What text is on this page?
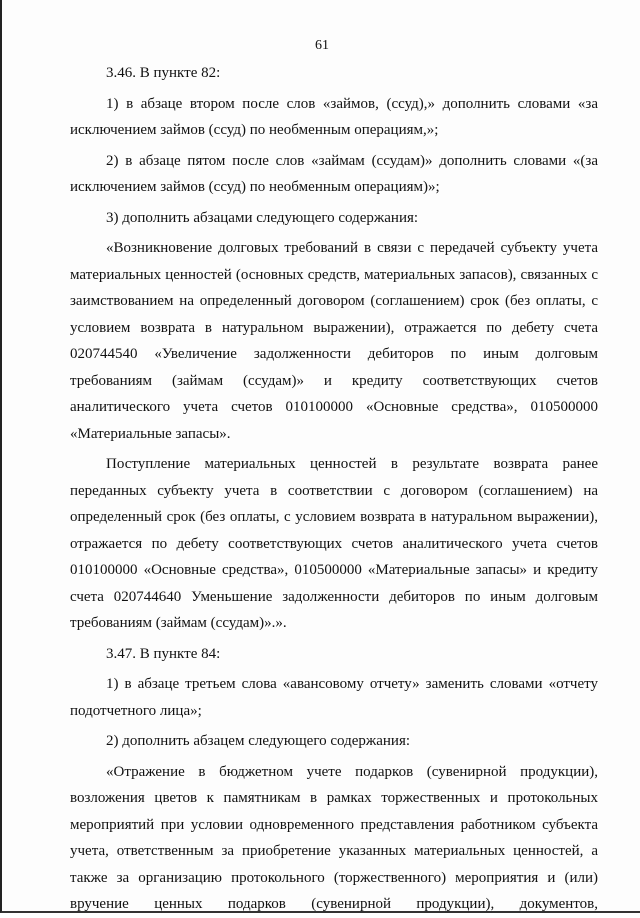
61

3.46. В пункте 82:

1) в абзаце втором после слов «займов, (ссуд),» дополнить словами «за исключением займов (ссуд) по необменным операциям,»;

2) в абзаце пятом после слов «займам (ссудам)» дополнить словами «(за исключением займов (ссуд) по необменным операциям)»;

3) дополнить абзацами следующего содержания:

«Возникновение долговых требований в связи с передачей субъекту учета материальных ценностей (основных средств, материальных запасов), связанных с заимствованием на определенный договором (соглашением) срок (без оплаты, с условием возврата в натуральном выражении), отражается по дебету счета 020744540 «Увеличение задолженности дебиторов по иным долговым требованиям (займам (ссудам)» и кредиту соответствующих счетов аналитического учета счетов 010100000 «Основные средства», 010500000 «Материальные запасы».

Поступление материальных ценностей в результате возврата ранее переданных субъекту учета в соответствии с договором (соглашением) на определенный срок (без оплаты, с условием возврата в натуральном выражении), отражается по дебету соответствующих счетов аналитического учета счетов 010100000 «Основные средства», 010500000 «Материальные запасы» и кредиту счета 020744640 Уменьшение задолженности дебиторов по иным долговым требованиям (займам (ссудам)».».

3.47. В пункте 84:

1) в абзаце третьем слова «авансовому отчету» заменить словами «отчету подотчетного лица»;

2) дополнить абзацем следующего содержания:

«Отражение в бюджетном учете подарков (сувенирной продукции), возложения цветов к памятникам в рамках торжественных и протокольных мероприятий при условии одновременного представления работником субъекта учета, ответственным за приобретение указанных материальных ценностей, а также за организацию протокольного (торжественного) мероприятия и (или) вручение ценных подарков (сувенирной продукции), документов,
